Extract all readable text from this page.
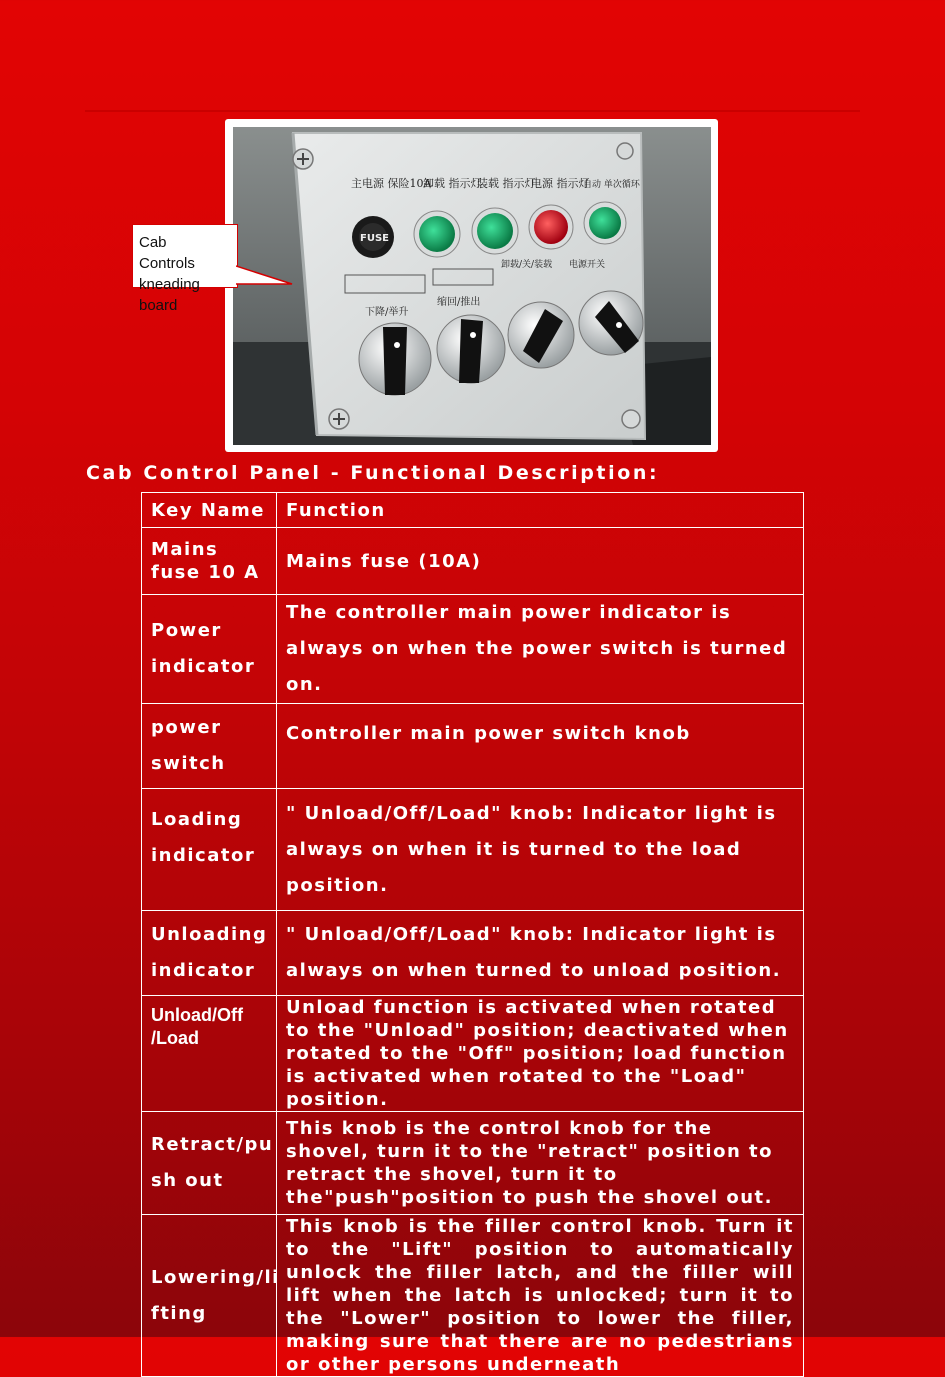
主电源 保险10A
卸载 指示灯
装载 指示灯
电源 指示灯
自动 单次循环
卸载/关/装载 电源开关
下降/举升
缩回/推出
FUSE
Cab
Controls
kneading
board
Cab Control Panel - Functional Description:
Key Name	Function
Mains fuse 10 A	Mains fuse (10A)
Power indicator	The controller main power indicator is always on when the power switch is turned on.
power switch	Controller main power switch knob
Loading indicator	" Unload/Off/Load" knob: Indicator light is always on when it is turned to the load position.
Unloading indicator	" Unload/Off/Load" knob: Indicator light is always on when turned to unload position.
Unload/Off /Load	Unload function is activated when rotated to the "Unload" position; deactivated when rotated to the "Off" position; load function is activated when rotated to the "Load" position.
Retract/pu sh out	This knob is the control knob for the shovel, turn it to the "retract" position to retract the shovel, turn it to the"push"position to push the shovel out.
Lowering/li fting	This knob is the filler control knob. Turn it to the "Lift" position to automatically unlock the filler latch, and the filler will lift when the latch is unlocked; turn it to the "Lower" position to lower the filler, making sure that there are no pedestrians or other persons underneath
